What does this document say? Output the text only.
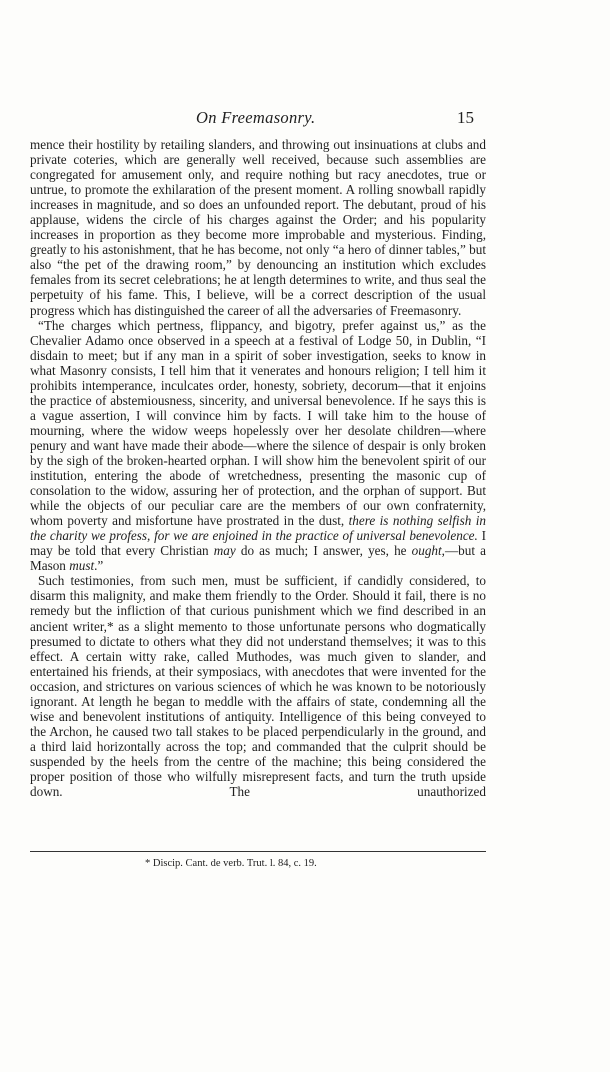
On Freemasonry.	15

mence their hostility by retailing slanders, and throwing out insinuations at clubs and private coteries, which are generally well received, because such assemblies are congregated for amusement only, and require nothing but racy anecdotes, true or untrue, to promote the exhilaration of the present moment. A rolling snowball rapidly increases in magnitude, and so does an unfounded report. The debutant, proud of his applause, widens the circle of his charges against the Order; and his popularity increases in proportion as they become more improbable and mysterious. Finding, greatly to his astonishment, that he has become, not only “a hero of dinner tables,” but also “the pet of the drawing room,” by denouncing an institution which excludes females from its secret celebrations; he at length determines to write, and thus seal the perpetuity of his fame. This, I believe, will be a correct description of the usual progress which has distinguished the career of all the adversaries of Freemasonry.

“The charges which pertness, flippancy, and bigotry, prefer against us,” as the Chevalier Adamo once observed in a speech at a festival of Lodge 50, in Dublin, “I disdain to meet; but if any man in a spirit of sober investigation, seeks to know in what Masonry consists, I tell him that it venerates and honours religion; I tell him it prohibits intemperance, inculcates order, honesty, sobriety, decorum—that it enjoins the practice of abstemiousness, sincerity, and universal benevolence. If he says this is a vague assertion, I will convince him by facts. I will take him to the house of mourning, where the widow weeps hopelessly over her desolate children—where penury and want have made their abode—where the silence of despair is only broken by the sigh of the broken-hearted orphan. I will show him the benevolent spirit of our institution, entering the abode of wretchedness, presenting the masonic cup of consolation to the widow, assuring her of protection, and the orphan of support. But while the objects of our peculiar care are the members of our own confraternity, whom poverty and misfortune have prostrated in the dust, there is nothing selfish in the charity we profess, for we are enjoined in the practice of universal benevolence. I may be told that every Christian may do as much; I answer, yes, he ought,—but a Mason must.”

Such testimonies, from such men, must be sufficient, if candidly considered, to disarm this malignity, and make them friendly to the Order. Should it fail, there is no remedy but the infliction of that curious punishment which we find described in an ancient writer,* as a slight memento to those unfortunate persons who dogmatically presumed to dictate to others what they did not understand themselves; it was to this effect. A certain witty rake, called Muthodes, was much given to slander, and entertained his friends, at their symposiacs, with anecdotes that were invented for the occasion, and strictures on various sciences of which he was known to be notoriously ignorant. At length he began to meddle with the affairs of state, condemning all the wise and benevolent institutions of antiquity. Intelligence of this being conveyed to the Archon, he caused two tall stakes to be placed perpendicularly in the ground, and a third laid horizontally across the top; and commanded that the culprit should be suspended by the heels from the centre of the machine; this being considered the proper position of those who wilfully misrepresent facts, and turn the truth upside down. The unauthorized

* Discip. Cant. de verb. Trut. l. 84, c. 19.
